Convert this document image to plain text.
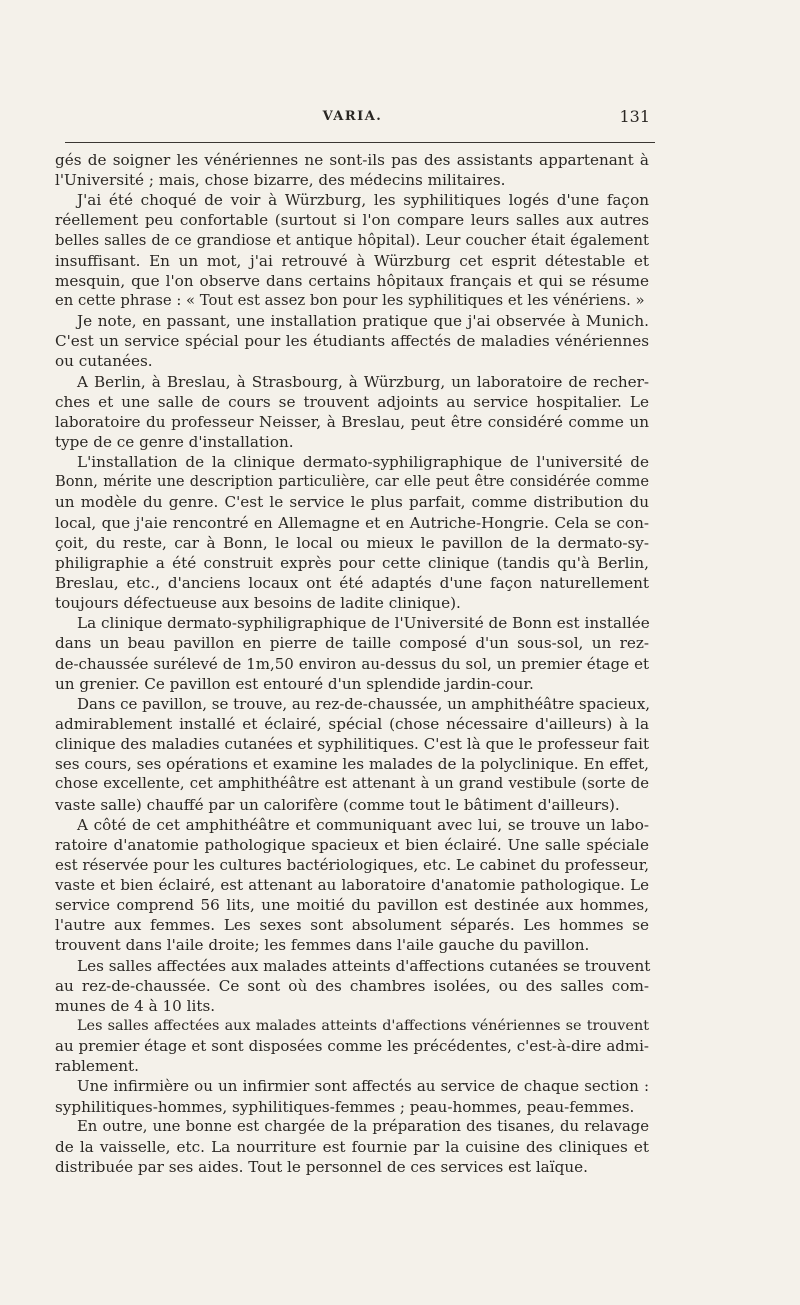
VARIA.	131
gés de soigner les vénériennes ne sont-ils pas des assistants appartenant à
l'Université ; mais, chose bizarre, des médecins militaires.
J'ai été choqué de voir à Würzburg, les syphilitiques logés d'une façon
réellement peu confortable (surtout si l'on compare leurs salles aux autres
belles salles de ce grandiose et antique hôpital). Leur coucher était également
insuffisant. En un mot, j'ai retrouvé à Würzburg cet esprit détestable et
mesquin, que l'on observe dans certains hôpitaux français et qui se résume
en cette phrase : « Tout est assez bon pour les syphilitiques et les vénériens. »
Je note, en passant, une installation pratique que j'ai observée à Munich.
C'est un service spécial pour les étudiants affectés de maladies vénériennes
ou cutanées.
A Berlin, à Breslau, à Strasbourg, à Würzburg, un laboratoire de recher-
ches et une salle de cours se trouvent adjoints au service hospitalier. Le
laboratoire du professeur Neisser, à Breslau, peut être considéré comme un
type de ce genre d'installation.
L'installation de la clinique dermato-syphiligraphique de l'université de
Bonn, mérite une description particulière, car elle peut être considérée comme
un modèle du genre. C'est le service le plus parfait, comme distribution du
local, que j'aie rencontré en Allemagne et en Autriche-Hongrie. Cela se con-
çoit, du reste, car à Bonn, le local ou mieux le pavillon de la dermato-sy-
philigraphie a été construit exprès pour cette clinique (tandis qu'à Berlin,
Breslau, etc., d'anciens locaux ont été adaptés d'une façon naturellement
toujours défectueuse aux besoins de ladite clinique).
La clinique dermato-syphiligraphique de l'Université de Bonn est installée
dans un beau pavillon en pierre de taille composé d'un sous-sol, un rez-
de-chaussée surélevé de 1m,50 environ au-dessus du sol, un premier étage et
un grenier. Ce pavillon est entouré d'un splendide jardin-cour.
Dans ce pavillon, se trouve, au rez-de-chaussée, un amphithéâtre spacieux,
admirablement installé et éclairé, spécial (chose nécessaire d'ailleurs) à la
clinique des maladies cutanées et syphilitiques. C'est là que le professeur fait
ses cours, ses opérations et examine les malades de la polyclinique. En effet,
chose excellente, cet amphithéâtre est attenant à un grand vestibule (sorte de
vaste salle) chauffé par un calorifère (comme tout le bâtiment d'ailleurs).
A côté de cet amphithéâtre et communiquant avec lui, se trouve un labo-
ratoire d'anatomie pathologique spacieux et bien éclairé. Une salle spéciale
est réservée pour les cultures bactériologiques, etc. Le cabinet du professeur,
vaste et bien éclairé, est attenant au laboratoire d'anatomie pathologique. Le
service comprend 56 lits, une moitié du pavillon est destinée aux hommes,
l'autre aux femmes. Les sexes sont absolument séparés. Les hommes se
trouvent dans l'aile droite; les femmes dans l'aile gauche du pavillon.
Les salles affectées aux malades atteints d'affections cutanées se trouvent
au rez-de-chaussée. Ce sont où des chambres isolées, ou des salles com-
munes de 4 à 10 lits.
Les salles affectées aux malades atteints d'affections vénériennes se trouvent
au premier étage et sont disposées comme les précédentes, c'est-à-dire admi-
rablement.
Une infirmière ou un infirmier sont affectés au service de chaque section :
syphilitiques-hommes, syphilitiques-femmes ; peau-hommes, peau-femmes.
En outre, une bonne est chargée de la préparation des tisanes, du relavage
de la vaisselle, etc. La nourriture est fournie par la cuisine des cliniques et
distribuée par ses aides. Tout le personnel de ces services est laïque.
